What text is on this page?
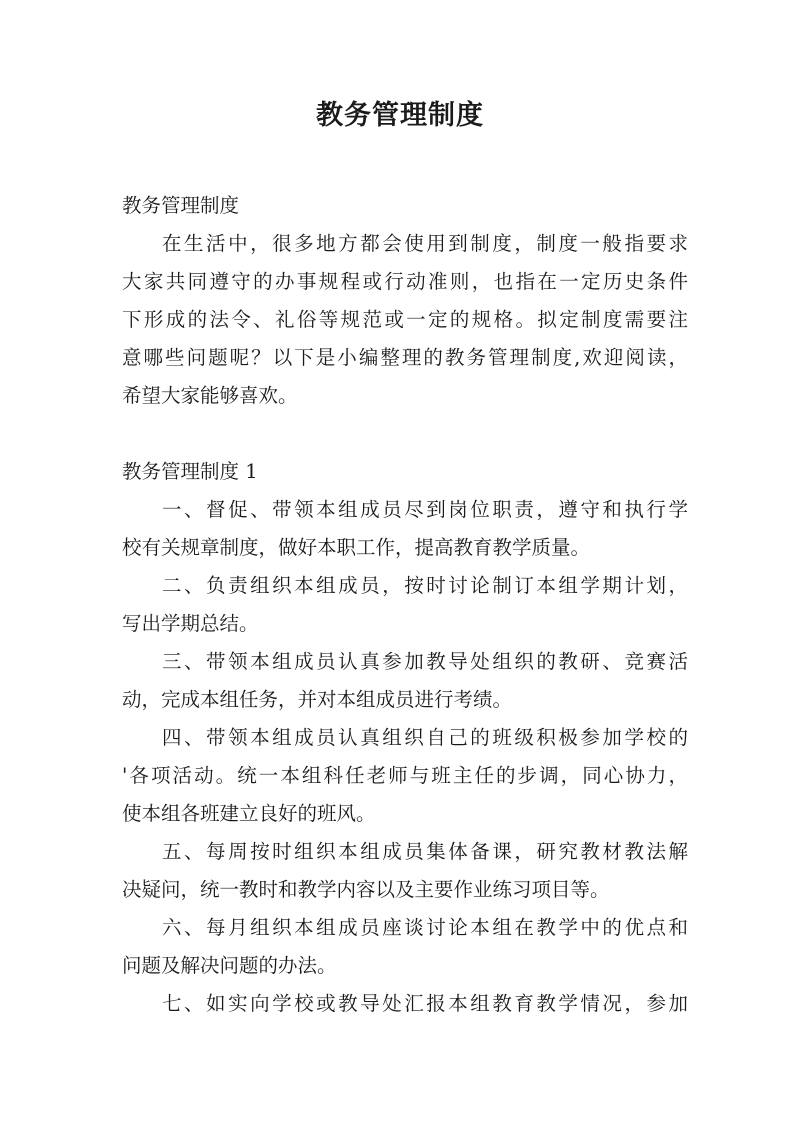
教务管理制度
教务管理制度
在生活中，很多地方都会使用到制度，制度一般指要求
大家共同遵守的办事规程或行动准则，也指在一定历史条件
下形成的法令、礼俗等规范或一定的规格。拟定制度需要注
意哪些问题呢？以下是小编整理的教务管理制度,欢迎阅读，
希望大家能够喜欢。
教务管理制度 1
一、督促、带领本组成员尽到岗位职责，遵守和执行学
校有关规章制度，做好本职工作，提高教育教学质量。
二、负责组织本组成员，按时讨论制订本组学期计划，
写出学期总结。
三、带领本组成员认真参加教导处组织的教研、竞赛活
动，完成本组任务，并对本组成员进行考绩。
四、带领本组成员认真组织自己的班级积极参加学校的
'各项活动。统一本组科任老师与班主任的步调，同心协力，
使本组各班建立良好的班风。
五、每周按时组织本组成员集体备课，研究教材教法解
决疑问，统一教时和教学内容以及主要作业练习项目等。
六、每月组织本组成员座谈讨论本组在教学中的优点和
问题及解决问题的办法。
七、如实向学校或教导处汇报本组教育教学情况，参加
